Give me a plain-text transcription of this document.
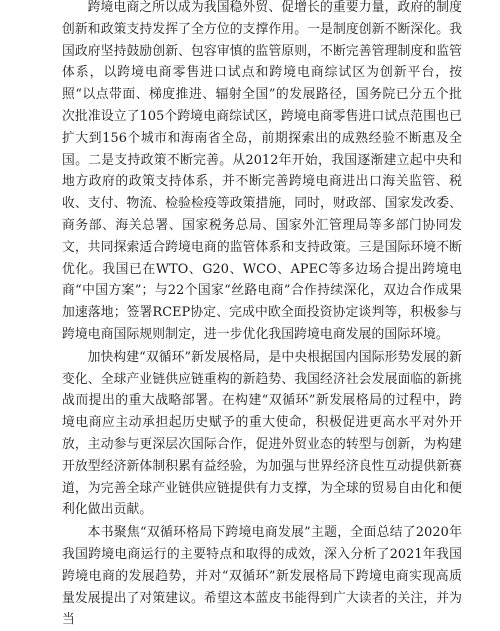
跨境电商之所以成为我国稳外贸、促增长的重要力量，政府的制度创新和政策支持发挥了全方位的支撑作用。一是制度创新不断深化。我国政府坚持鼓励创新、包容审慎的监管原则，不断完善管理制度和监管体系，以跨境电商零售进口试点和跨境电商综试区为创新平台，按照“以点带面、梯度推进、辐射全国”的发展路径，国务院已分五个批次批准设立了105个跨境电商综试区，跨境电商零售进口试点范围也已扩大到156个城市和海南省全岛，前期探索出的成熟经验不断惠及全国。二是支持政策不断完善。从2012年开始，我国逐渐建立起中央和地方政府的政策支持体系，并不断完善跨境电商进出口海关监管、税收、支付、物流、检验检疫等政策措施，同时，财政部、国家发改委、商务部、海关总署、国家税务总局、国家外汇管理局等多部门协同发文，共同探索适合跨境电商的监管体系和支持政策。三是国际环境不断优化。我国已在WTO、G20、WCO、APEC等多边场合提出跨境电商“中国方案”；与22个国家“丝路电商”合作持续深化，双边合作成果加速落地；签署RCEP协定、完成中欧全面投资协定谈判等，积极参与跨境电商国际规则制定，进一步优化我国跨境电商发展的国际环境。

加快构建“双循环”新发展格局，是中央根据国内国际形势发展的新变化、全球产业链供应链重构的新趋势、我国经济社会发展面临的新挑战而提出的重大战略部署。在构建“双循环”新发展格局的过程中，跨境电商应主动承担起历史赋予的重大使命，积极促进更高水平对外开放，主动参与更深层次国际合作，促进外贸业态的转型与创新，为构建开放型经济新体制积累有益经验，为加强与世界经济良性互动提供新赛道，为完善全球产业链供应链提供有力支撑，为全球的贸易自由化和便利化做出贡献。

本书聚焦“双循环格局下跨境电商发展”主题，全面总结了2020年我国跨境电商运行的主要特点和取得的成效，深入分析了2021年我国跨境电商的发展趋势，并对“双循环”新发展格局下跨境电商实现高质量发展提出了对策建议。希望这本蓝皮书能得到广大读者的关注，并为当
